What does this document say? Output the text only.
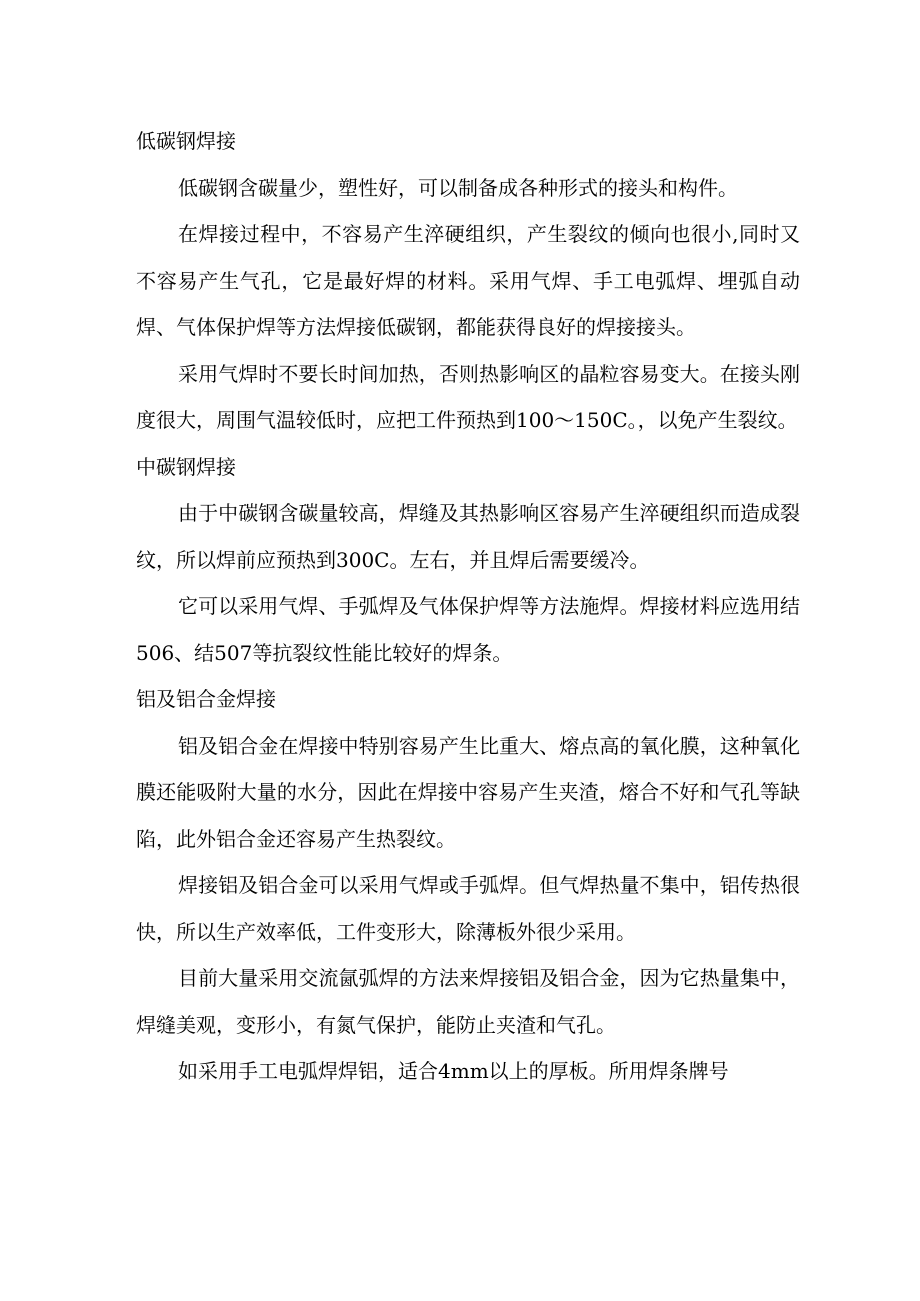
低碳钢焊接

低碳钢含碳量少，塑性好，可以制备成各种形式的接头和构件。

在焊接过程中，不容易产生淬硬组织，产生裂纹的倾向也很小,同时又不容易产生气孔，它是最好焊的材料。采用气焊、手工电弧焊、埋弧自动焊、气体保护焊等方法焊接低碳钢，都能获得良好的焊接接头。

采用气焊时不要长时间加热，否则热影响区的晶粒容易变大。在接头刚度很大，周围气温较低时，应把工件预热到100～150C。，以免产生裂纹。

中碳钢焊接

由于中碳钢含碳量较高，焊缝及其热影响区容易产生淬硬组织而造成裂纹，所以焊前应预热到300C。左右，并且焊后需要缓冷。

它可以采用气焊、手弧焊及气体保护焊等方法施焊。焊接材料应选用结506、结507等抗裂纹性能比较好的焊条。

铝及铝合金焊接

铝及铝合金在焊接中特别容易产生比重大、熔点高的氧化膜，这种氧化膜还能吸附大量的水分，因此在焊接中容易产生夹渣，熔合不好和气孔等缺陷，此外铝合金还容易产生热裂纹。

焊接铝及铝合金可以采用气焊或手弧焊。但气焊热量不集中，铝传热很快，所以生产效率低，工件变形大，除薄板外很少采用。

目前大量采用交流氤弧焊的方法来焊接铝及铝合金，因为它热量集中，焊缝美观，变形小，有氮气保护，能防止夹渣和气孔。

如采用手工电弧焊焊铝，适合4mm以上的厚板。所用焊条牌号
